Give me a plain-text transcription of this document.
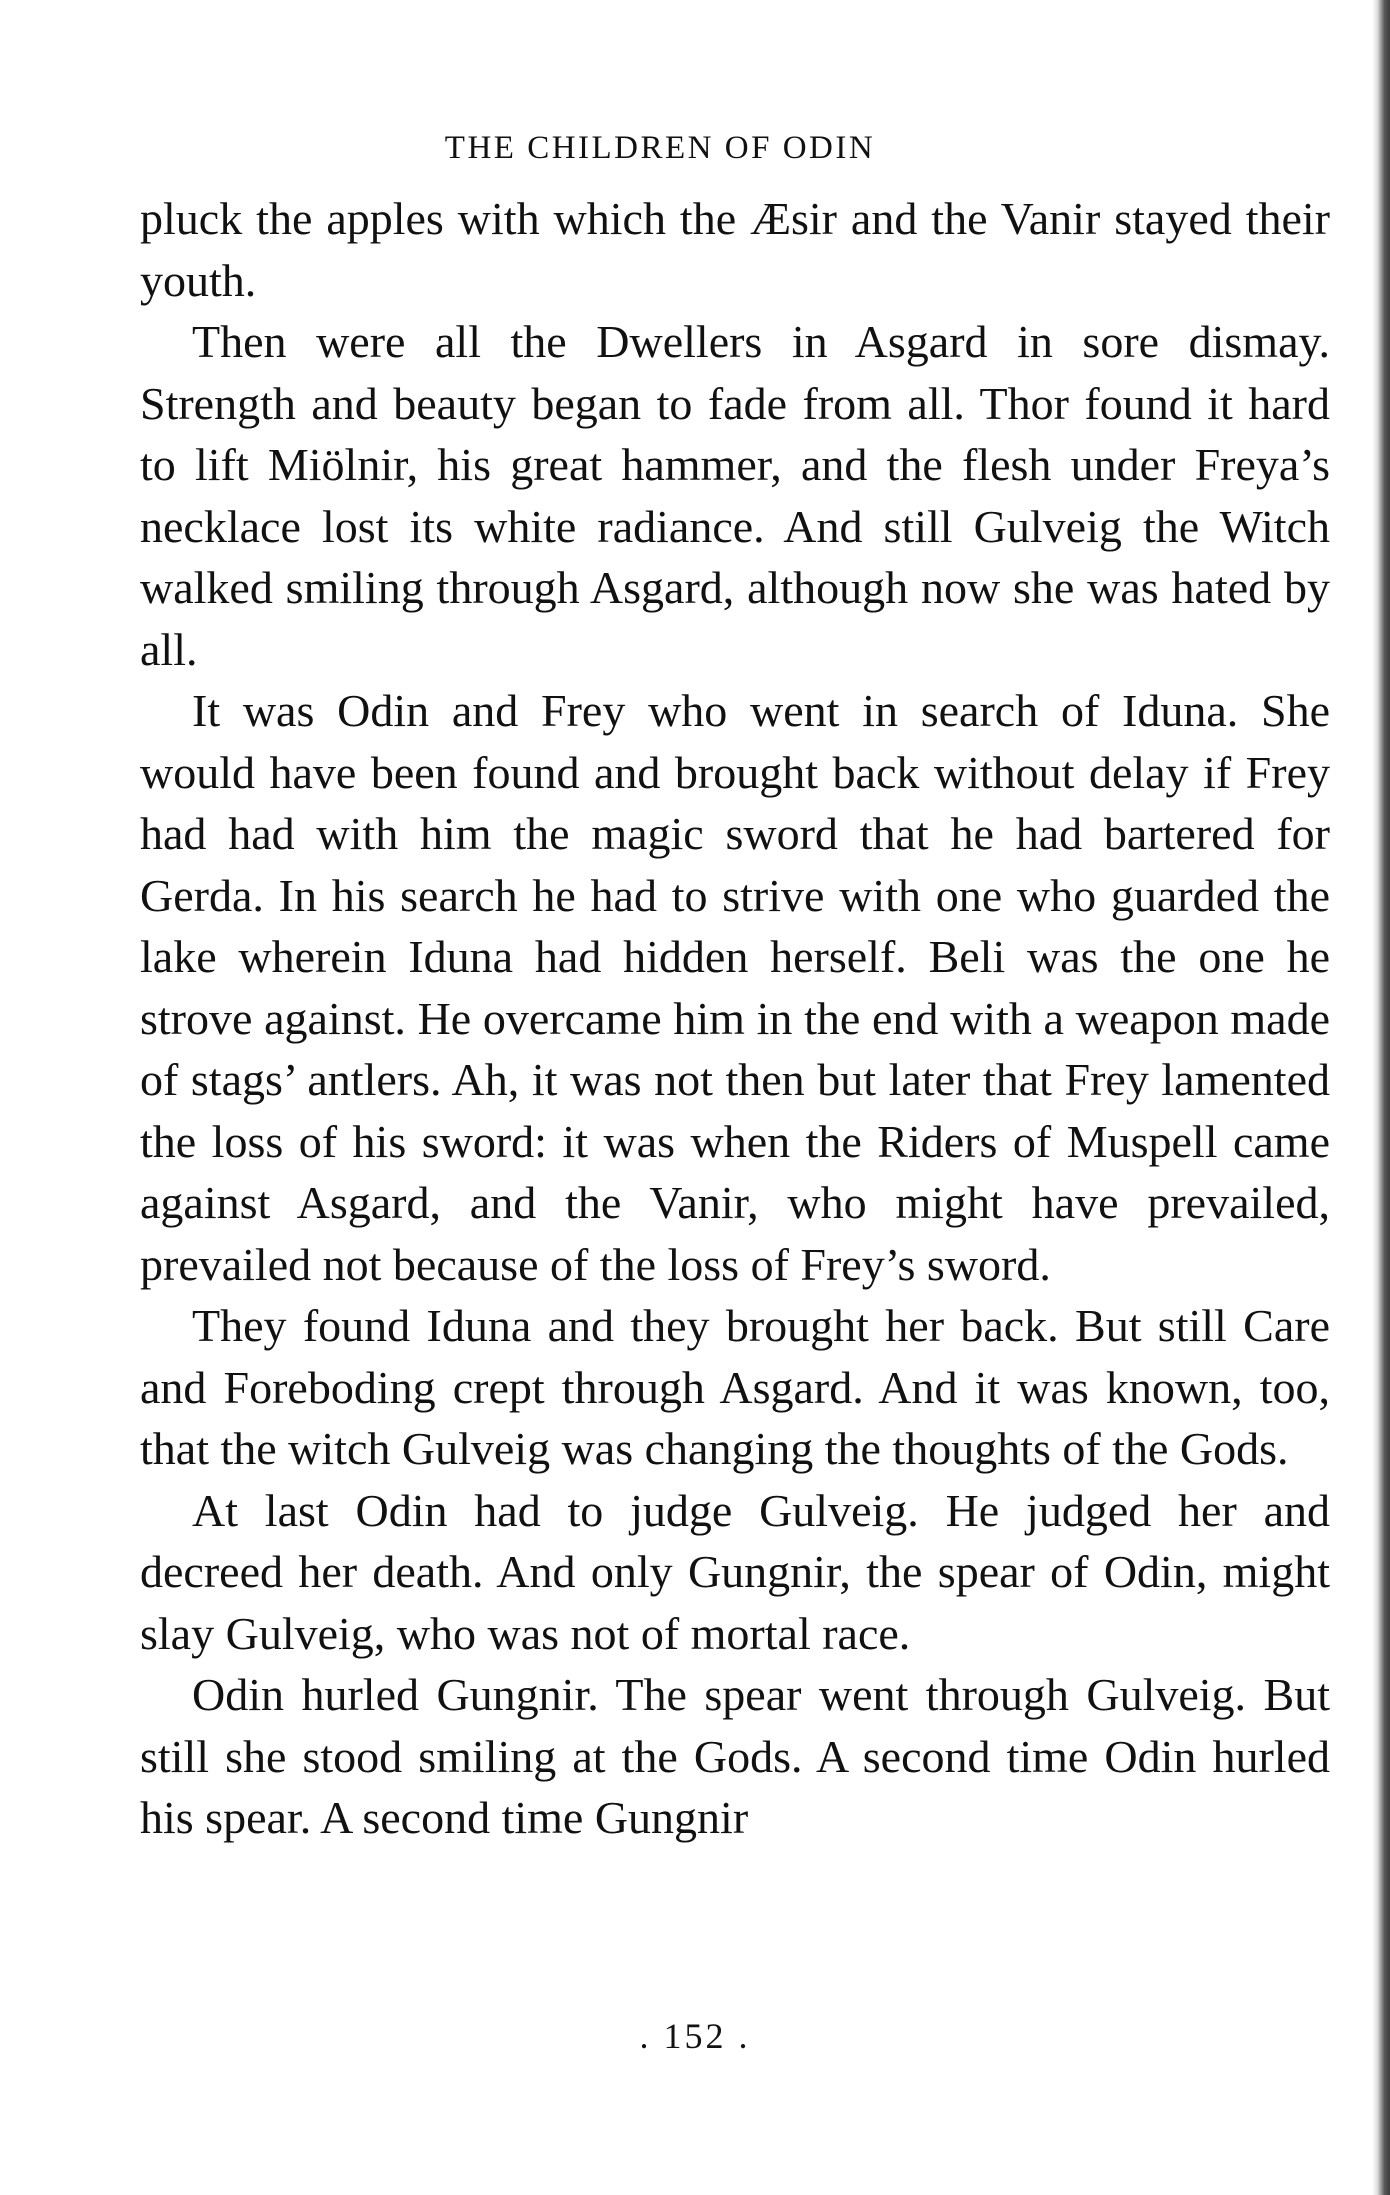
THE CHILDREN OF ODIN

pluck the apples with which the Æsir and the Vanir stayed their youth.

Then were all the Dwellers in Asgard in sore dismay. Strength and beauty began to fade from all. Thor found it hard to lift Miölnir, his great hammer, and the flesh under Freya’s necklace lost its white radiance. And still Gulveig the Witch walked smiling through Asgard, although now she was hated by all.

It was Odin and Frey who went in search of Iduna. She would have been found and brought back without delay if Frey had had with him the magic sword that he had bartered for Gerda. In his search he had to strive with one who guarded the lake wherein Iduna had hidden herself. Beli was the one he strove against. He overcame him in the end with a weapon made of stags’ antlers. Ah, it was not then but later that Frey lamented the loss of his sword: it was when the Riders of Muspell came against Asgard, and the Vanir, who might have prevailed, prevailed not because of the loss of Frey’s sword.

They found Iduna and they brought her back. But still Care and Foreboding crept through Asgard. And it was known, too, that the witch Gulveig was changing the thoughts of the Gods.

At last Odin had to judge Gulveig. He judged her and decreed her death. And only Gungnir, the spear of Odin, might slay Gulveig, who was not of mortal race.

Odin hurled Gungnir. The spear went through Gulveig. But still she stood smiling at the Gods. A second time Odin hurled his spear. A second time Gungnir

. 152 .
